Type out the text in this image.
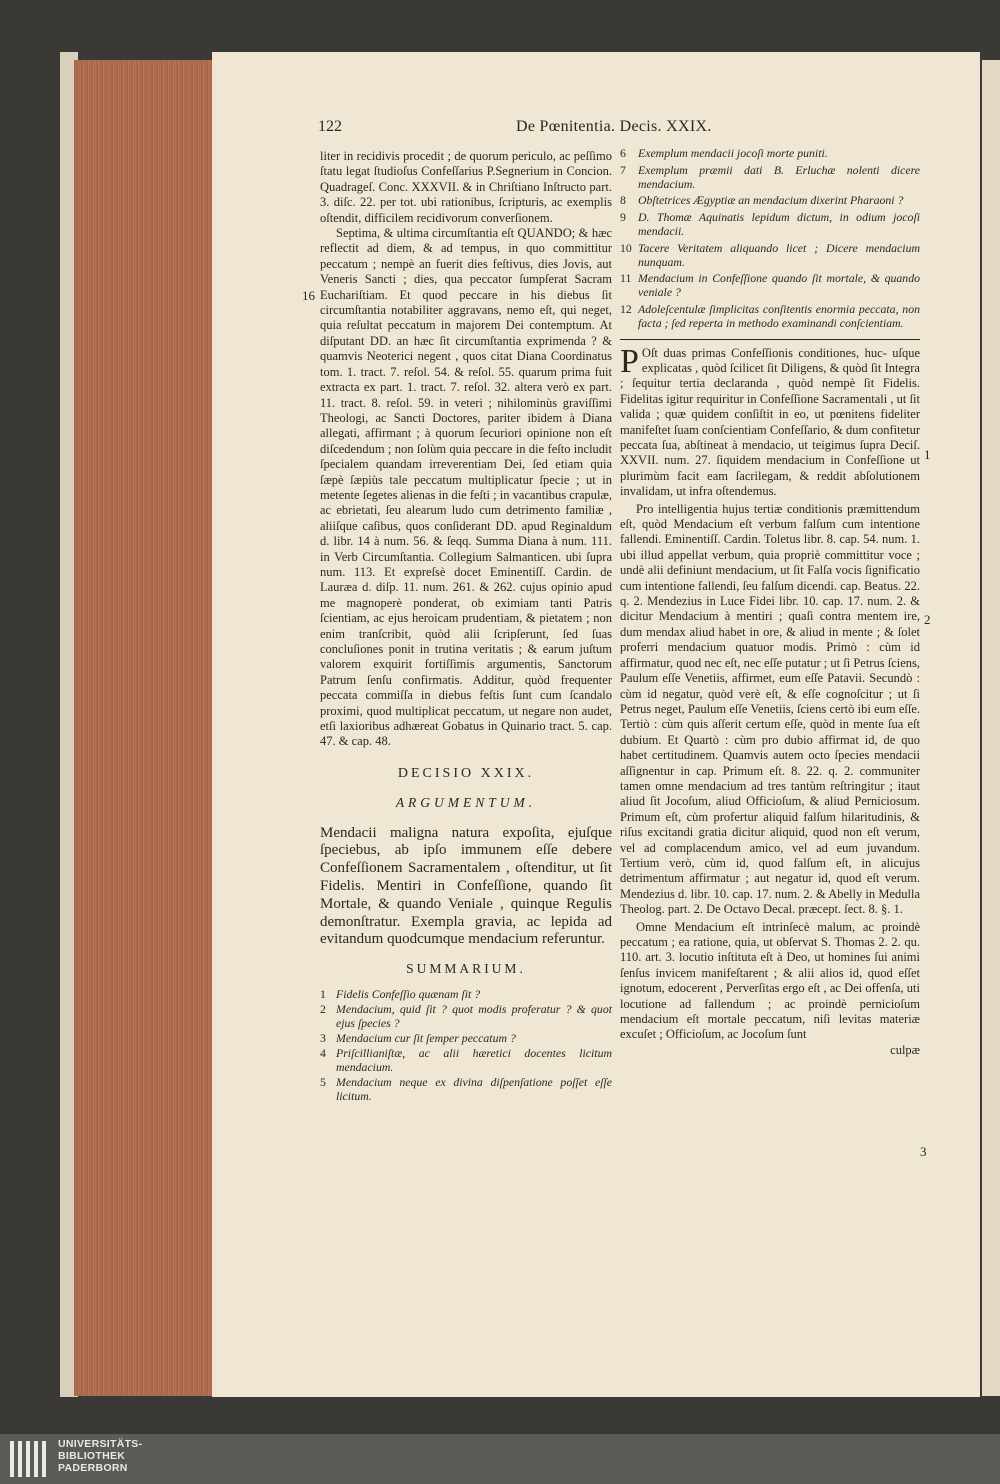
122	De Pœnitentia. Decis. XXIX.
16
1
2
3

liter in recidivis procedit ; de quorum periculo, ac peſſimo ſtatu legat ſtudioſus Confeſſarius P.Segnerium in Concion. Quadrageſ. Conc. XXXVII. & in Chriſtiano Inſtructo part. 3. diſc. 22. per tot. ubi rationibus, ſcripturis, ac exemplis oſtendit, difficilem recidivorum converſionem.

Septima, & ultima circumſtantia eſt QUANDO; & hæc reflectit ad diem, & ad tempus, in quo committitur peccatum ; nempè an fuerit dies feſtivus, dies Jovis, aut Veneris Sancti ; dies, qua peccator ſumpſerat Sacram Euchariſtiam. Et quod peccare in his diebus ſit circumſtantia notabiliter aggravans, nemo eſt, qui neget, quia reſultat peccatum in majorem Dei contemptum. At diſputant DD. an hæc ſit circumſtantia exprimenda ? & quamvis Neoterici negent , quos citat Diana Coordinatus tom. 1. tract. 7. reſol. 54. & reſol. 55. quarum prima fuit extracta ex part. 1. tract. 7. reſol. 32. altera verò ex part. 11. tract. 8. reſol. 59. in veteri ; nihilominùs graviſſimi Theologi, ac Sancti Doctores, pariter ibidem à Diana allegati, affirmant ; à quorum ſecuriori opinione non eſt diſcedendum ; non ſolùm quia peccare in die feſto includit ſpecialem quandam irreverentiam Dei, ſed etiam quia ſæpè ſæpiùs tale peccatum multiplicatur ſpecie ; ut in metente ſegetes alienas in die feſti ; in vacantibus crapulæ, ac ebrietati, ſeu alearum ludo cum detrimento familiæ , aliiſque caſibus, quos conſiderant DD. apud Reginaldum d. libr. 14 à num. 56. & ſeqq. Summa Diana à num. 111. in Verb Circumſtantia. Collegium Salmanticen. ubi ſupra num. 113. Et expreſsè docet Eminentiſſ. Cardin. de Lauræa d. diſp. 11. num. 261. & 262. cujus opinio apud me magnoperè ponderat, ob eximiam tanti Patris ſcientiam, ac ejus heroicam prudentiam, & pietatem ; non enim tranſcribit, quòd alii ſcripſerunt, ſed ſuas concluſiones ponit in trutina veritatis ; & earum juſtum valorem exquirit fortiſſimis argumentis, Sanctorum Patrum ſenſu confirmatis. Additur, quòd frequenter peccata commiſſa in diebus feſtis ſunt cum ſcandalo proximi, quod multiplicat peccatum, ut negare non audet, etſi laxioribus adhæreat Gobatus in Quinario tract. 5. cap. 47. & cap. 48.

DECISIO XXIX.

ARGUMENTUM.

Mendacii maligna natura expoſita, ejuſque ſpeciebus, ab ipſo immunem eſſe debere Confeſſionem Sacramentalem , oſtenditur, ut ſit Fidelis. Mentiri in Confeſſione, quando ſit Mortale, & quando Veniale , quinque Regulis demonſtratur. Exempla gravia, ac lepida ad evitandum quodcumque mendacium referuntur.

SUMMARIUM.

1 Fidelis Confeſſio quænam ſit ?
2 Mendacium, quid ſit ? quot modis proferatur ? & quot ejus ſpecies ?
3 Mendacium cur ſit ſemper peccatum ?
4 Priſcillianiſtæ, ac alii hæretici docentes licitum mendacium.
5 Mendacium neque ex divina diſpenſatione poſſet eſſe licitum.
6 Exemplum mendacii jocoſi morte puniti.
7 Exemplum præmii dati B. Erluchæ nolenti dicere mendacium.
8 Obſtetrices Ægyptiæ an mendacium dixerint Pharaoni ?
9 D. Thomæ Aquinatis lepidum dictum, in odium jocoſi mendacii.
10 Tacere Veritatem aliquando licet ; Dicere mendacium nunquam.
11 Mendacium in Confeſſione quando ſit mortale, & quando veniale ?
12 Adoleſcentulæ ſimplicitas conſitentis enormia peccata, non facta ; ſed reperta in methodo examinandi conſcientiam.

P Oſt duas primas Confeſſionis conditiones, huc- uſque explicatas , quòd ſcilicet ſit Diligens, & quòd ſit Integra ; ſequitur tertia declaranda , quòd nempè ſit Fidelis. Fidelitas igitur requiritur in Confeſſione Sacramentali , ut ſit valida ; quæ quidem conſiſtit in eo, ut pœnitens fideliter manifeſtet ſuam conſcientiam Confeſſario, & dum confitetur peccata ſua, abſtineat à mendacio, ut teigimus ſupra Deciſ. XXVII. num. 27. ſiquidem mendacium in Confeſſione ut plurimùm facit eam ſacrilegam, & reddit abſolutionem invalidam, ut infra oſtendemus.

Pro intelligentia hujus tertiæ conditionis præmittendum eſt, quòd Mendacium eſt verbum falſum cum intentione fallendi. Eminentiſſ. Cardin. Toletus libr. 8. cap. 54. num. 1. ubi illud appellat verbum, quia propriè committitur voce ; undè alii definiunt mendacium, ut ſit Falſa vocis ſignificatio cum intentione fallendi, ſeu falſum dicendi. cap. Beatus. 22. q. 2. Mendezius in Luce Fidei libr. 10. cap. 17. num. 2. & dicitur Mendacium à mentiri ; quaſi contra mentem ire, dum mendax aliud habet in ore, & aliud in mente ; & ſolet proferri mendacium quatuor modis. Primò : cùm id affirmatur, quod nec eſt, nec eſſe putatur ; ut ſi Petrus ſciens, Paulum eſſe Venetiis, affirmet, eum eſſe Patavii. Secundò : cùm id negatur, quòd verè eſt, & eſſe cognoſcitur ; ut ſi Petrus neget, Paulum eſſe Venetiis, ſciens certò ibi eum eſſe. Tertiò : cùm quis aſſerit certum eſſe, quòd in mente ſua eſt dubium. Et Quartò : cùm pro dubio affirmat id, de quo habet certitudinem. Quamvis autem octo ſpecies mendacii aſſignentur in cap. Primum eſt. 8. 22. q. 2. communiter tamen omne mendacium ad tres tantùm reſtringitur ; itaut aliud ſit Jocoſum, aliud Officioſum, & aliud Perniciosum. Primum eſt, cùm profertur aliquid falſum hilaritudinis, & riſus excitandi gratia dicitur aliquid, quod non eſt verum, vel ad complacendum amico, vel ad eum juvandum. Tertium verò, cùm id, quod falſum eſt, in alicujus detrimentum affirmatur ; aut negatur id, quod eſt verum. Mendezius d. libr. 10. cap. 17. num. 2. & Abelly in Medulla Theolog. part. 2. De Octavo Decal. præcept. ſect. 8. §. 1.

Omne Mendacium eſt intrinſecè malum, ac proindè peccatum ; ea ratione, quia, ut obſervat S. Thomas 2. 2. qu. 110. art. 3. locutio inſtituta eſt à Deo, ut homines ſui animi ſenſus invicem manifeſtarent ; & alii alios id, quod eſſet ignotum, edocerent , Perverſitas ergo eſt , ac Dei offenſa, uti locutione ad fallendum ; ac proindè pernicioſum mendacium eſt mortale peccatum, niſi levitas materiæ excuſet ; Officioſum, ac Jocoſum ſunt

culpæ

UNIVERSITÄTS-
BIBLIOTHEK
PADERBORN
